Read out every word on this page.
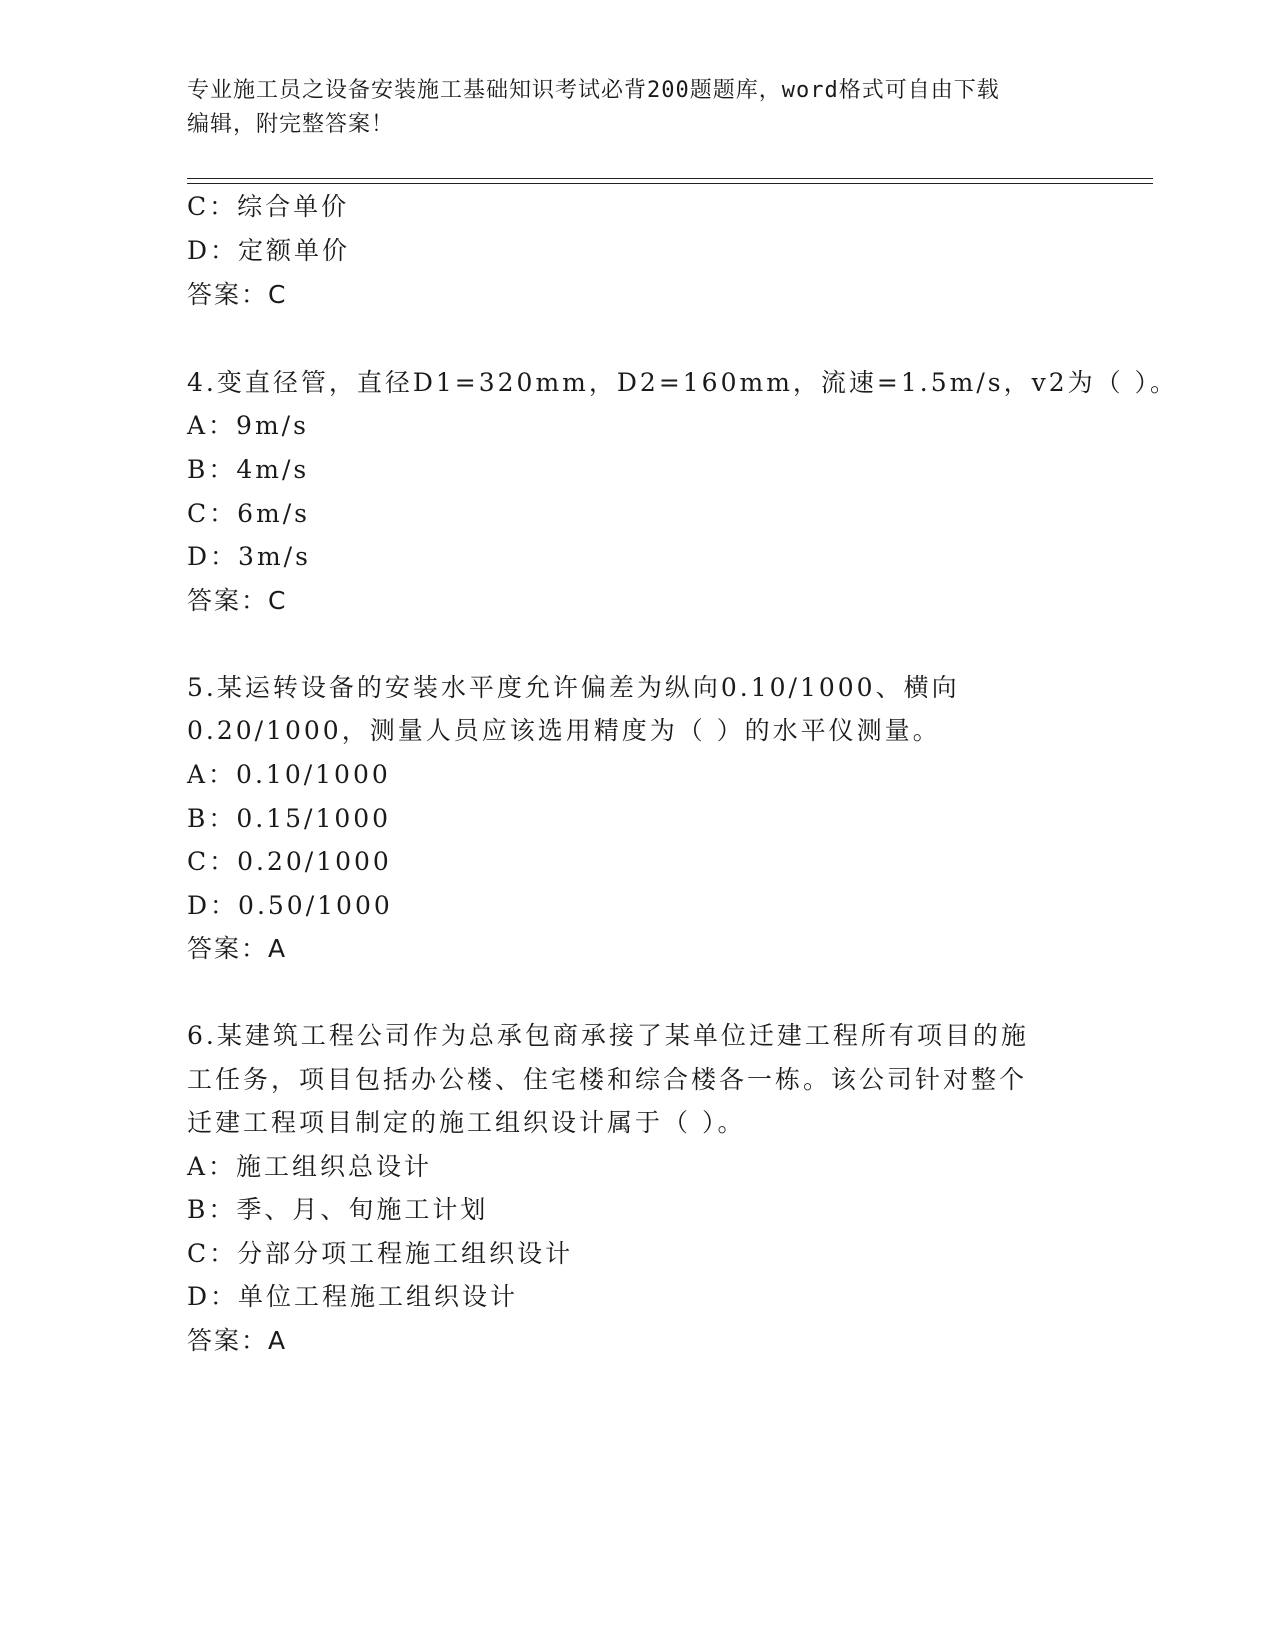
专业施工员之设备安装施工基础知识考试必背200题题库，word格式可自由下载
编辑，附完整答案！
C：综合单价
D：定额单价
答案：C
4.变直径管，直径D1=320mm，D2=160mm，流速=1.5m/s，v2为（ ）。
A：9m/s
B：4m/s
C：6m/s
D：3m/s
答案：C
5.某运转设备的安装水平度允许偏差为纵向0.10/1000、横向
0.20/1000，测量人员应该选用精度为（ ）的水平仪测量。
A：0.10/1000
B：0.15/1000
C：0.20/1000
D：0.50/1000
答案：A
6.某建筑工程公司作为总承包商承接了某单位迁建工程所有项目的施
工任务，项目包括办公楼、住宅楼和综合楼各一栋。该公司针对整个
迁建工程项目制定的施工组织设计属于（ ）。
A：施工组织总设计
B：季、月、旬施工计划
C：分部分项工程施工组织设计
D：单位工程施工组织设计
答案：A
